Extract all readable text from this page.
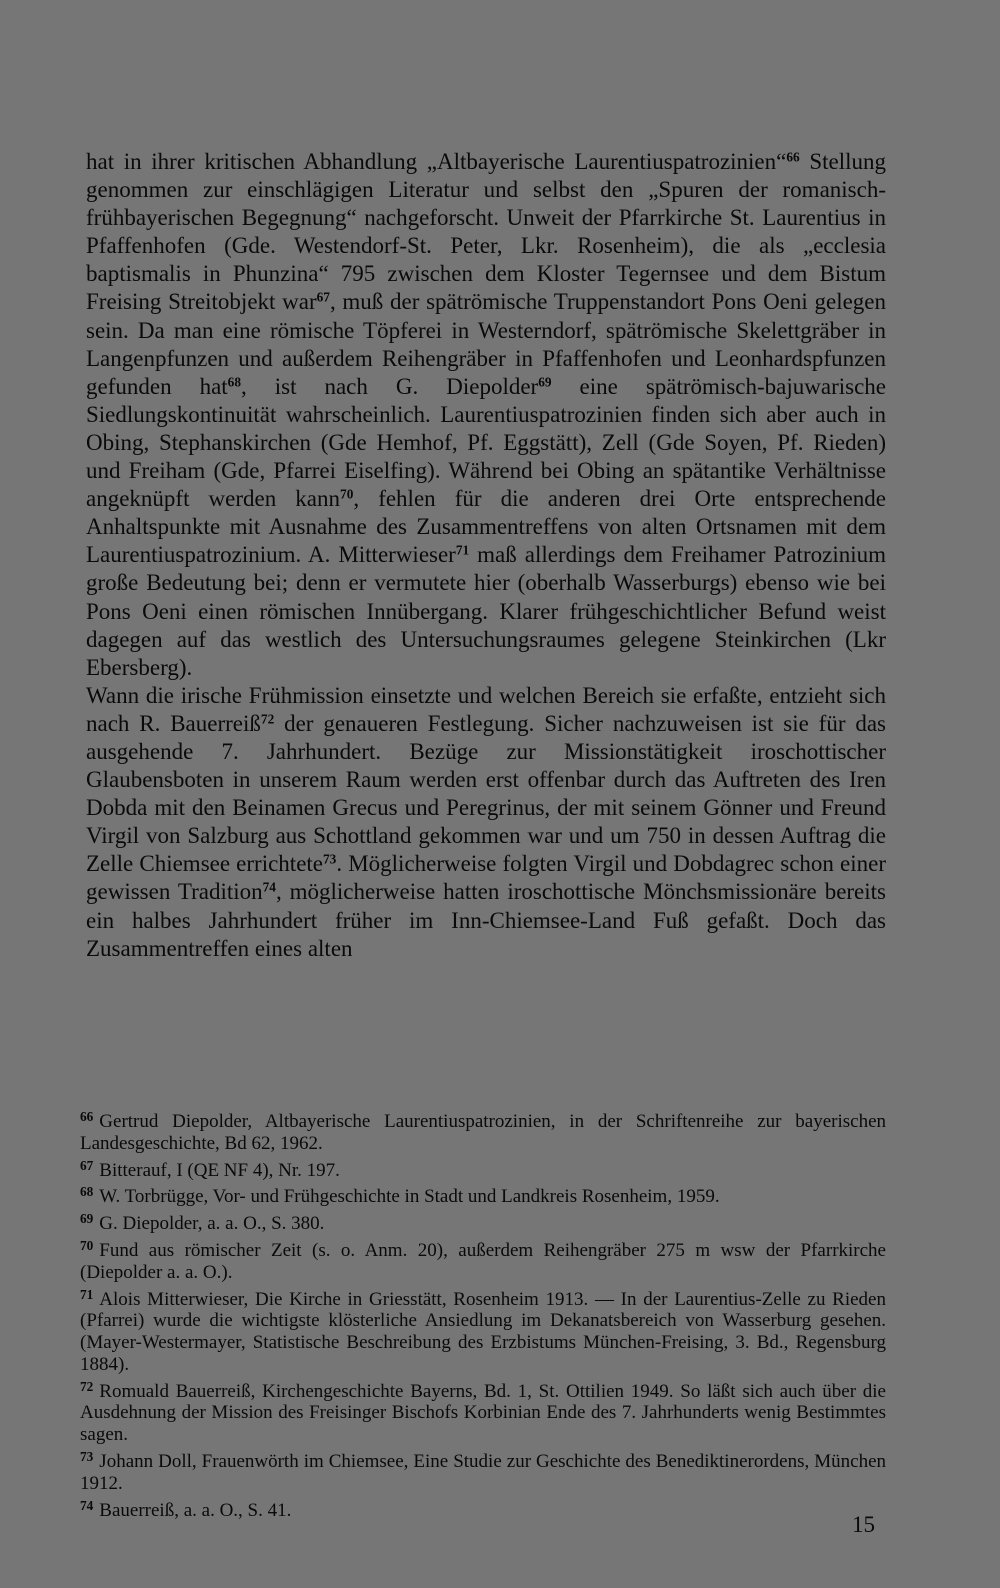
hat in ihrer kritischen Abhandlung „Altbayerische Laurentiuspatrozinien“$^{66}$ Stellung genommen zur einschlägigen Literatur und selbst den „Spuren der romanisch-frühbayerischen Begegnung“ nachgeforscht. Unweit der Pfarrkirche St. Laurentius in Pfaffenhofen (Gde. Westendorf-St. Peter, Lkr. Rosenheim), die als „ecclesia baptismalis in Phunzina“ 795 zwischen dem Kloster Tegernsee und dem Bistum Freising Streitobjekt war$^{67}$, muß der spätrömische Truppenstandort Pons Oeni gelegen sein. Da man eine römische Töpferei in Westerndorf, spätrömische Skelettgräber in Langenpfunzen und außerdem Reihengräber in Pfaffenhofen und Leonhardspfunzen gefunden hat$^{68}$, ist nach G. Diepolder$^{69}$ eine spätrömisch-bajuwarische Siedlungskontinuität wahrscheinlich. Laurentiuspatrozinien finden sich aber auch in Obing, Stephanskirchen (Gde Hemhof, Pf. Eggstätt), Zell (Gde Soyen, Pf. Rieden) und Freiham (Gde, Pfarrei Eiselfing). Während bei Obing an spätantike Verhältnisse angeknüpft werden kann$^{70}$, fehlen für die anderen drei Orte entsprechende Anhaltspunkte mit Ausnahme des Zusammentreffens von alten Ortsnamen mit dem Laurentiuspatrozinium. A. Mitterwieser$^{71}$ maß allerdings dem Freihamer Patrozinium große Bedeutung bei; denn er vermutete hier (oberhalb Wasserburgs) ebenso wie bei Pons Oeni einen römischen Innübergang. Klarer frühgeschichtlicher Befund weist dagegen auf das westlich des Untersuchungsraumes gelegene Steinkirchen (Lkr Ebersberg).

Wann die irische Frühmission einsetzte und welchen Bereich sie erfaßte, entzieht sich nach R. Bauerreiß$^{72}$ der genaueren Festlegung. Sicher nachzuweisen ist sie für das ausgehende 7. Jahrhundert. Bezüge zur Missionstätigkeit iroschottischer Glaubensboten in unserem Raum werden erst offenbar durch das Auftreten des Iren Dobda mit den Beinamen Grecus und Peregrinus, der mit seinem Gönner und Freund Virgil von Salzburg aus Schottland gekommen war und um 750 in dessen Auftrag die Zelle Chiemsee errichtete$^{73}$. Möglicherweise folgten Virgil und Dobdagrec schon einer gewissen Tradition$^{74}$, möglicherweise hatten iroschottische Mönchsmissionäre bereits ein halbes Jahrhundert früher im Inn-Chiemsee-Land Fuß gefaßt. Doch das Zusammentreffen eines alten

$^{66}$ Gertrud Diepolder, Altbayerische Laurentiuspatrozinien, in der Schriftenreihe zur bayerischen Landesgeschichte, Bd 62, 1962.

$^{67}$ Bitterauf, I (QE NF 4), Nr. 197.

$^{68}$ W. Torbrügge, Vor- und Frühgeschichte in Stadt und Landkreis Rosenheim, 1959.

$^{69}$ G. Diepolder, a. a. O., S. 380.

$^{70}$ Fund aus römischer Zeit (s. o. Anm. 20), außerdem Reihengräber 275 m wsw der Pfarrkirche (Diepolder a. a. O.).

$^{71}$ Alois Mitterwieser, Die Kirche in Griesstätt, Rosenheim 1913. — In der Laurentius-Zelle zu Rieden (Pfarrei) wurde die wichtigste klösterliche Ansiedlung im Dekanatsbereich von Wasserburg gesehen. (Mayer-Westermayer, Statistische Beschreibung des Erzbistums München-Freising, 3. Bd., Regensburg 1884).

$^{72}$ Romuald Bauerreiß, Kirchengeschichte Bayerns, Bd. 1, St. Ottilien 1949. So läßt sich auch über die Ausdehnung der Mission des Freisinger Bischofs Korbinian Ende des 7. Jahrhunderts wenig Bestimmtes sagen.

$^{73}$ Johann Doll, Frauenwörth im Chiemsee, Eine Studie zur Geschichte des Benediktinerordens, München 1912.

$^{74}$ Bauerreiß, a. a. O., S. 41.

15
